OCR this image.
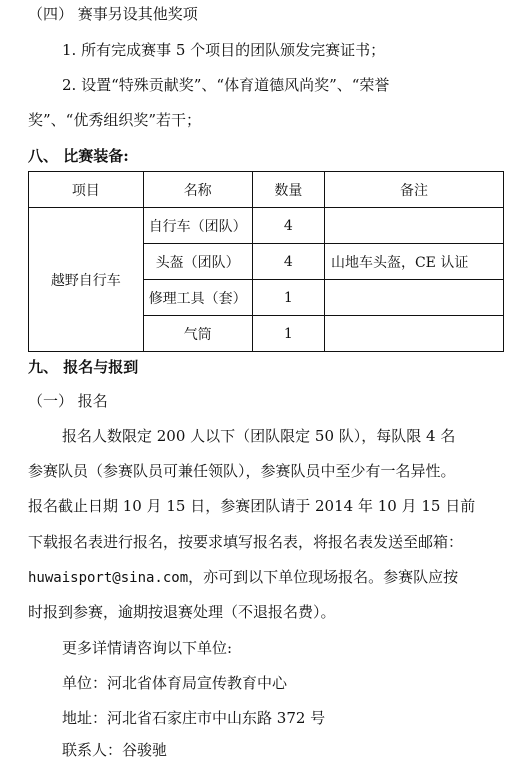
（四） 赛事另设其他奖项
1. 所有完成赛事 5 个项目的团队颁发完赛证书；
2. 设置“特殊贡献奖”、“体育道德风尚奖”、“荣誉
奖”、“优秀组织奖”若干；
八、 比赛装备:
项目	名称	数量	备注
越野自行车	自行车（团队）	4	
	头盔（团队）	4	山地车头盔，CE 认证
	修理工具（套）	1	
	气筒	1	
九、 报名与报到
（一） 报名
报名人数限定 200 人以下（团队限定 50 队），每队限 4 名
参赛队员（参赛队员可兼任领队），参赛队员中至少有一名异性。
报名截止日期 10 月 15 日，参赛团队请于 2014 年 10 月 15 日前
下载报名表进行报名，按要求填写报名表，将报名表发送至邮箱：
huwaisport@sina.com，亦可到以下单位现场报名。参赛队应按
时报到参赛，逾期按退赛处理（不退报名费）。
更多详情请咨询以下单位:
单位：河北省体育局宣传教育中心
地址：河北省石家庄市中山东路 372 号
联系人：谷骏驰
